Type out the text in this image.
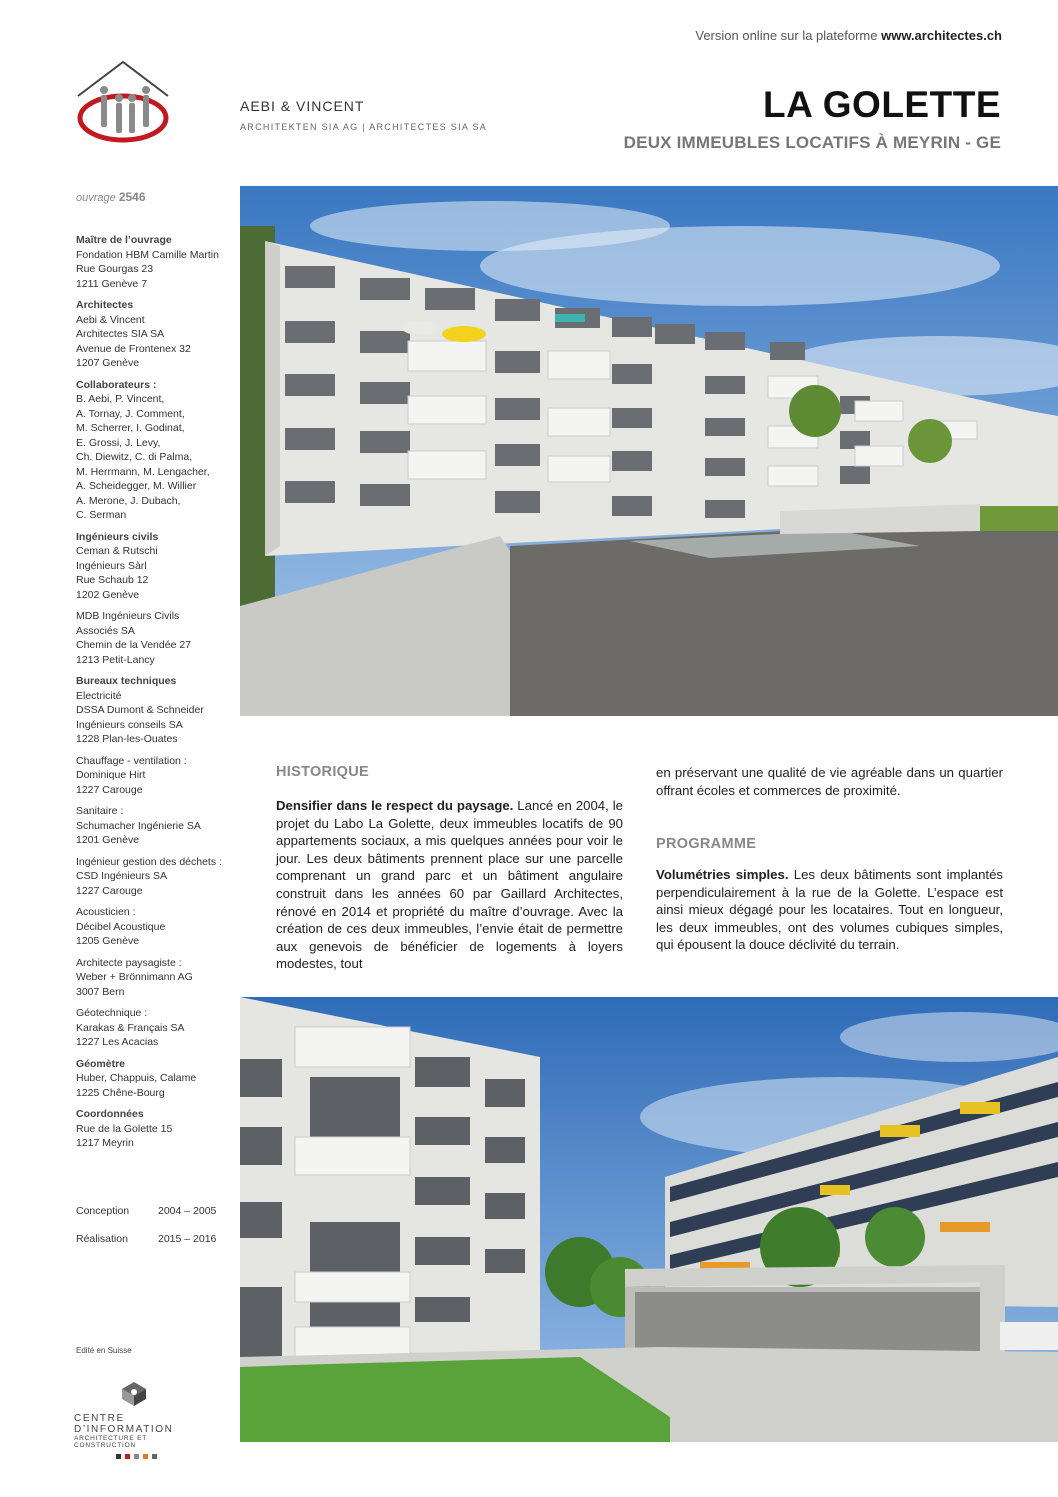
Version online sur la plateforme www.architectes.ch
AEBI & VINCENT
ARCHITEKTEN SIA AG | ARCHITECTES SIA SA
LA GOLETTE
DEUX IMMEUBLES LOCATIFS À MEYRIN - GE
ouvrage 2546
Maître de l’ouvrage
Fondation HBM Camille Martin
Rue Gourgas 23
1211 Genève 7
Architectes
Aebi & Vincent
Architectes SIA SA
Avenue de Frontenex 32
1207 Genève
Collaborateurs :
B. Aebi, P. Vincent,
A. Tornay, J. Comment,
M. Scherrer, I. Godinat,
E. Grossi, J. Levy,
Ch. Diewitz, C. di Palma,
M. Herrmann, M. Lengacher,
A. Scheidegger, M. Willier
A. Merone, J. Dubach,
C. Serman
Ingénieurs civils
Ceman & Rutschi
Ingénieurs Sàrl
Rue Schaub 12
1202 Genève
MDB Ingénieurs Civils
Associés SA
Chemin de la Vendée 27
1213 Petit-Lancy
Bureaux techniques
Electricité
DSSA Dumont & Schneider
Ingénieurs conseils SA
1228 Plan-les-Ouates
Chauffage - ventilation :
Dominique Hirt
1227 Carouge
Sanitaire :
Schumacher Ingénierie SA
1201 Genève
Ingénieur gestion des déchets :
CSD Ingénieurs SA
1227 Carouge
Acousticien :
Décibel Acoustique
1205 Genève
Architecte paysagiste :
Weber + Brönnimann AG
3007 Bern
Géotechnique :
Karakas & Français SA
1227 Les Acacias
Géomètre
Huber, Chappuis, Calame
1225 Chêne-Bourg
Coordonnées
Rue de la Golette 15
1217 Meyrin
Conception	2004 – 2005
Réalisation	2015 – 2016
Edité en Suisse
CENTRE D’INFORMATION
ARCHITECTURE ET CONSTRUCTION
HISTORIQUE
Densifier dans le respect du paysage. Lancé en 2004, le projet du Labo La Golette, deux immeubles locatifs de 90 appartements sociaux, a mis quelques années pour voir le jour. Les deux bâtiments prennent place sur une parcelle comprenant un grand parc et un bâtiment angulaire construit dans les années 60 par Gaillard Architectes, rénové en 2014 et propriété du maître d’ouvrage. Avec la création de ces deux immeubles, l’envie était de permettre aux genevois de bénéficier de logements à loyers modestes, tout
en préservant une qualité de vie agréable dans un quartier offrant écoles et commerces de proximité.
PROGRAMME
Volumétries simples. Les deux bâtiments sont implantés perpendiculairement à la rue de la Golette. L’espace est ainsi mieux dégagé pour les locataires. Tout en longueur, les deux immeubles, ont des volumes cubiques simples, qui épousent la douce déclivité du terrain.
